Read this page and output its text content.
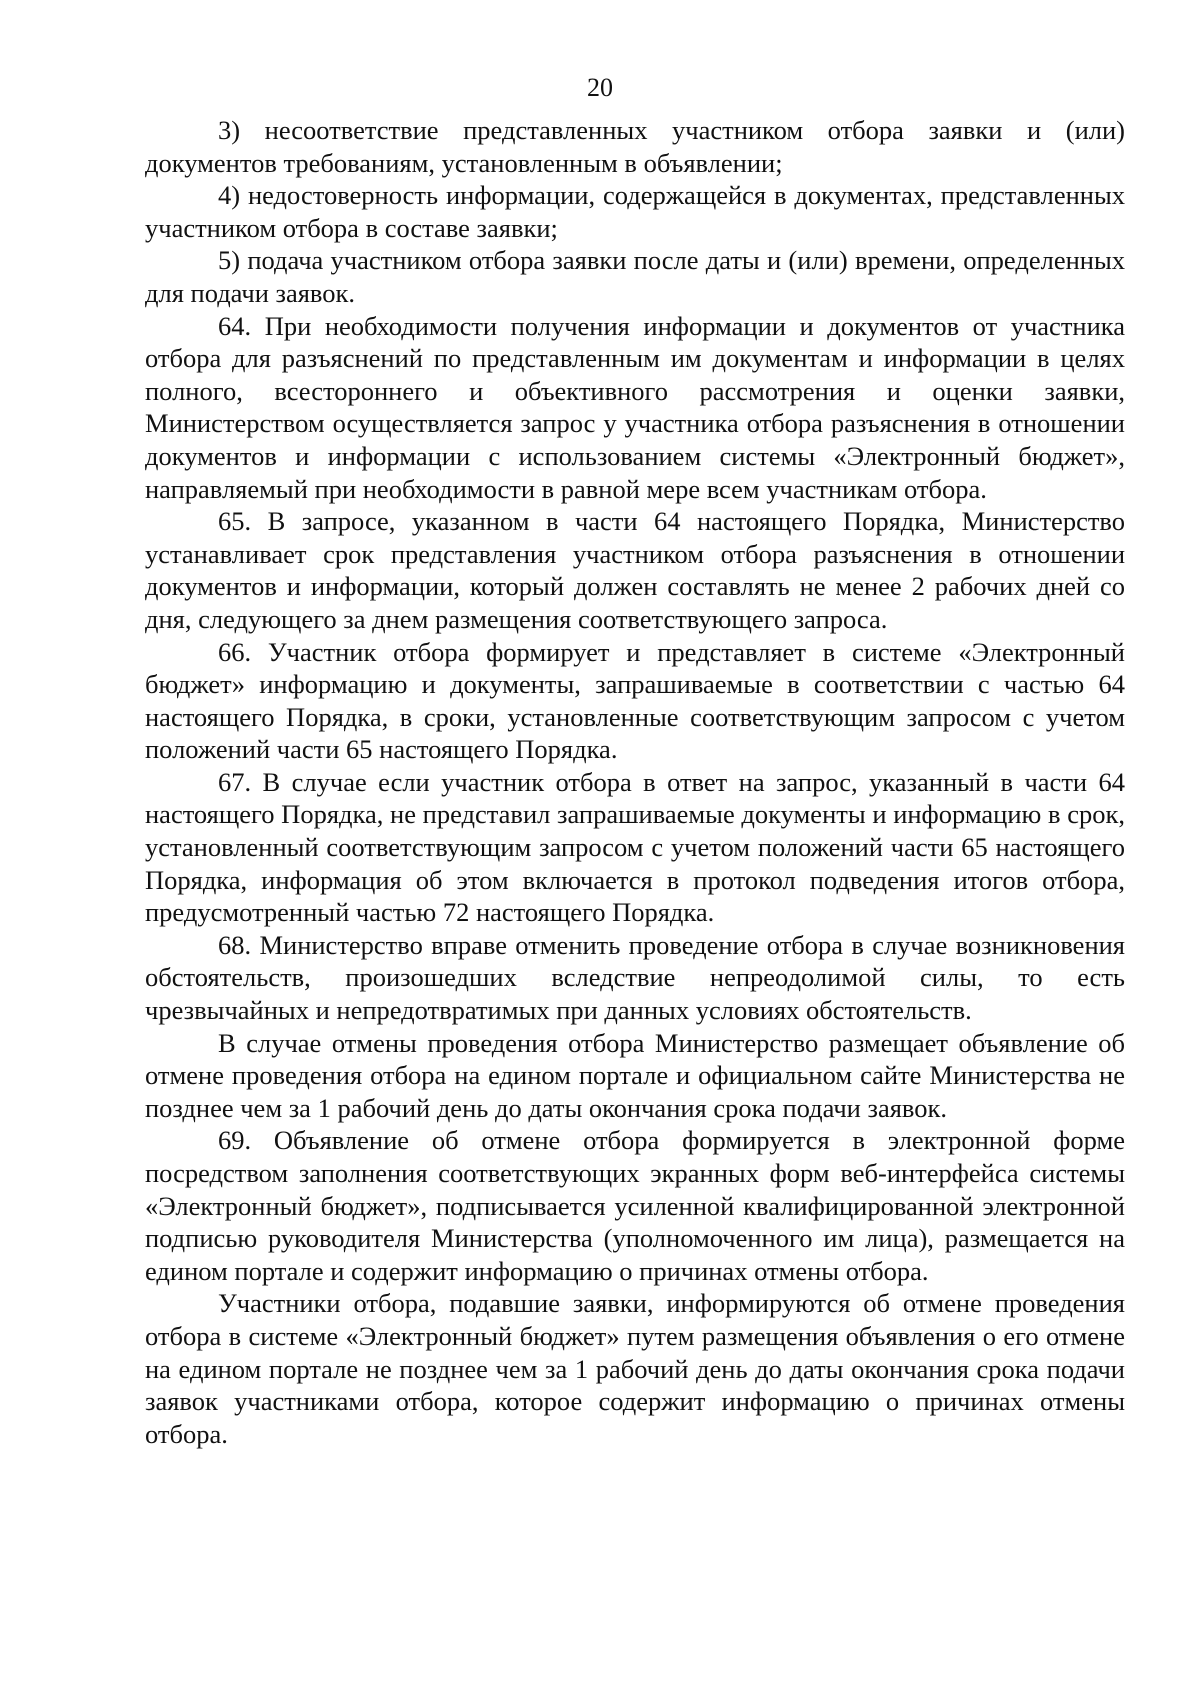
20

3) несоответствие представленных участником отбора заявки и (или) документов требованиям, установленным в объявлении;

4) недостоверность информации, содержащейся в документах, представленных участником отбора в составе заявки;

5) подача участником отбора заявки после даты и (или) времени, определенных для подачи заявок.

64. При необходимости получения информации и документов от участника отбора для разъяснений по представленным им документам и информации в целях полного, всестороннего и объективного рассмотрения и оценки заявки, Министерством осуществляется запрос у участника отбора разъяснения в отношении документов и информации с использованием системы «Электронный бюджет», направляемый при необходимости в равной мере всем участникам отбора.

65. В запросе, указанном в части 64 настоящего Порядка, Министерство устанавливает срок представления участником отбора разъяснения в отношении документов и информации, который должен составлять не менее 2 рабочих дней со дня, следующего за днем размещения соответствующего запроса.

66. Участник отбора формирует и представляет в системе «Электронный бюджет» информацию и документы, запрашиваемые в соответствии с частью 64 настоящего Порядка, в сроки, установленные соответствующим запросом с учетом положений части 65 настоящего Порядка.

67. В случае если участник отбора в ответ на запрос, указанный в части 64 настоящего Порядка, не представил запрашиваемые документы и информацию в срок, установленный соответствующим запросом с учетом положений части 65 настоящего Порядка, информация об этом включается в протокол подведения итогов отбора, предусмотренный частью 72 настоящего Порядка.

68. Министерство вправе отменить проведение отбора в случае возникновения обстоятельств, произошедших вследствие непреодолимой силы, то есть чрезвычайных и непредотвратимых при данных условиях обстоятельств.

В случае отмены проведения отбора Министерство размещает объявление об отмене проведения отбора на едином портале и официальном сайте Министерства не позднее чем за 1 рабочий день до даты окончания срока подачи заявок.

69. Объявление об отмене отбора формируется в электронной форме посредством заполнения соответствующих экранных форм веб-интерфейса системы «Электронный бюджет», подписывается усиленной квалифицированной электронной подписью руководителя Министерства (уполномоченного им лица), размещается на едином портале и содержит информацию о причинах отмены отбора.

Участники отбора, подавшие заявки, информируются об отмене проведения отбора в системе «Электронный бюджет» путем размещения объявления о его отмене на едином портале не позднее чем за 1 рабочий день до даты окончания срока подачи заявок участниками отбора, которое содержит информацию о причинах отмены отбора.
